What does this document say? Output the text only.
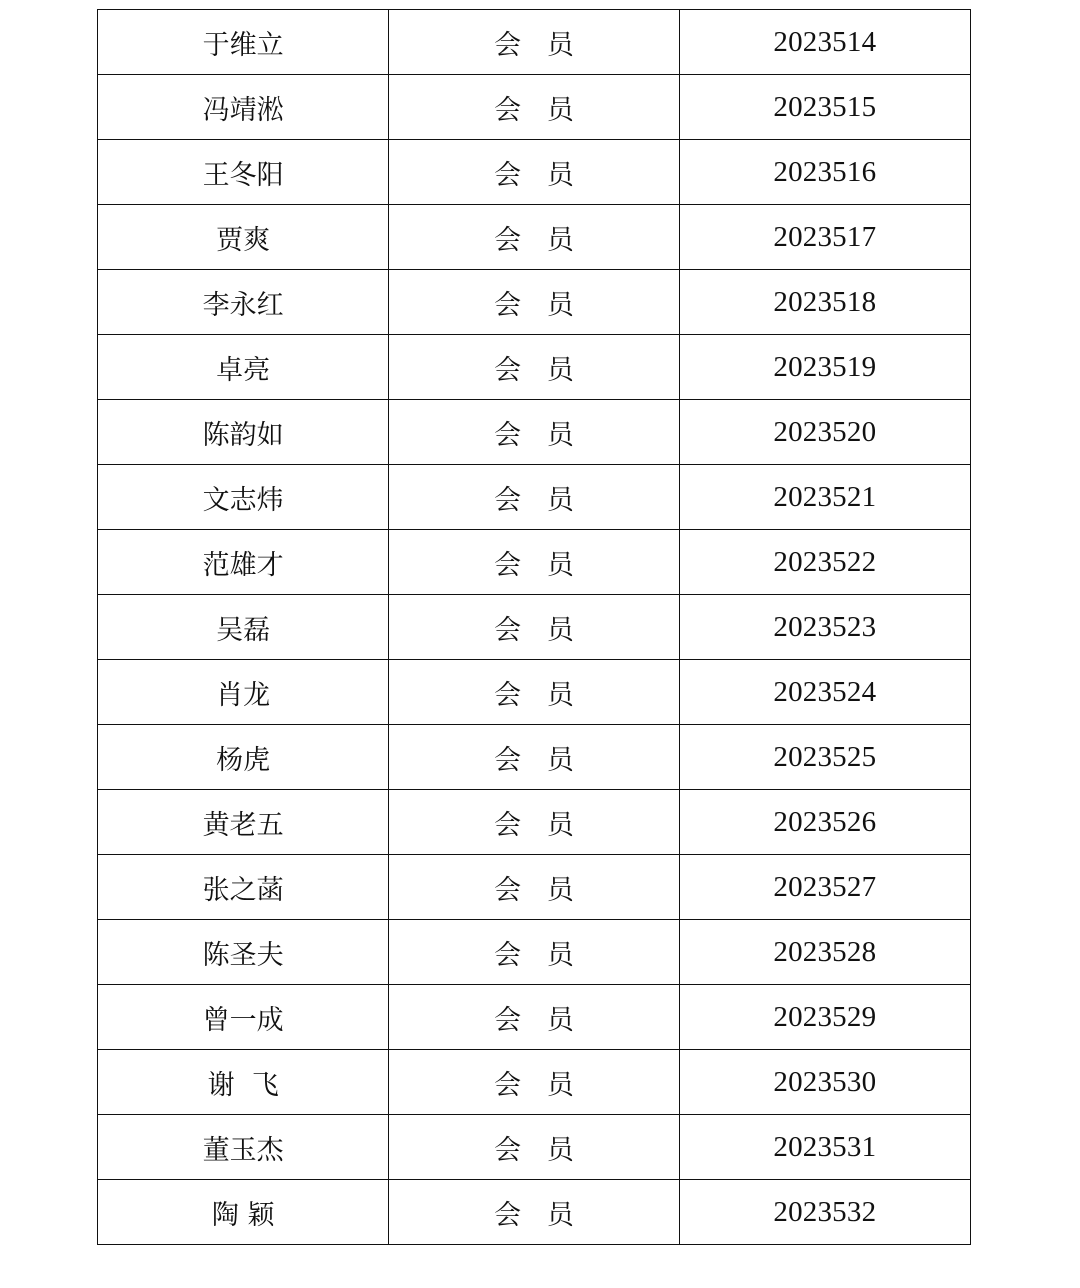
于维立	会   员	2023514
冯靖淞	会   员	2023515
王冬阳	会   员	2023516
贾爽	会   员	2023517
李永红	会   员	2023518
卓亮	会   员	2023519
陈韵如	会   员	2023520
文志炜	会   员	2023521
范雄才	会   员	2023522
吴磊	会   员	2023523
肖龙	会   员	2023524
杨虎	会   员	2023525
黄老五	会   员	2023526
张之菡	会   员	2023527
陈圣夫	会   员	2023528
曾一成	会   员	2023529
谢  飞	会   员	2023530
董玉杰	会   员	2023531
陶 颖	会   员	2023532
